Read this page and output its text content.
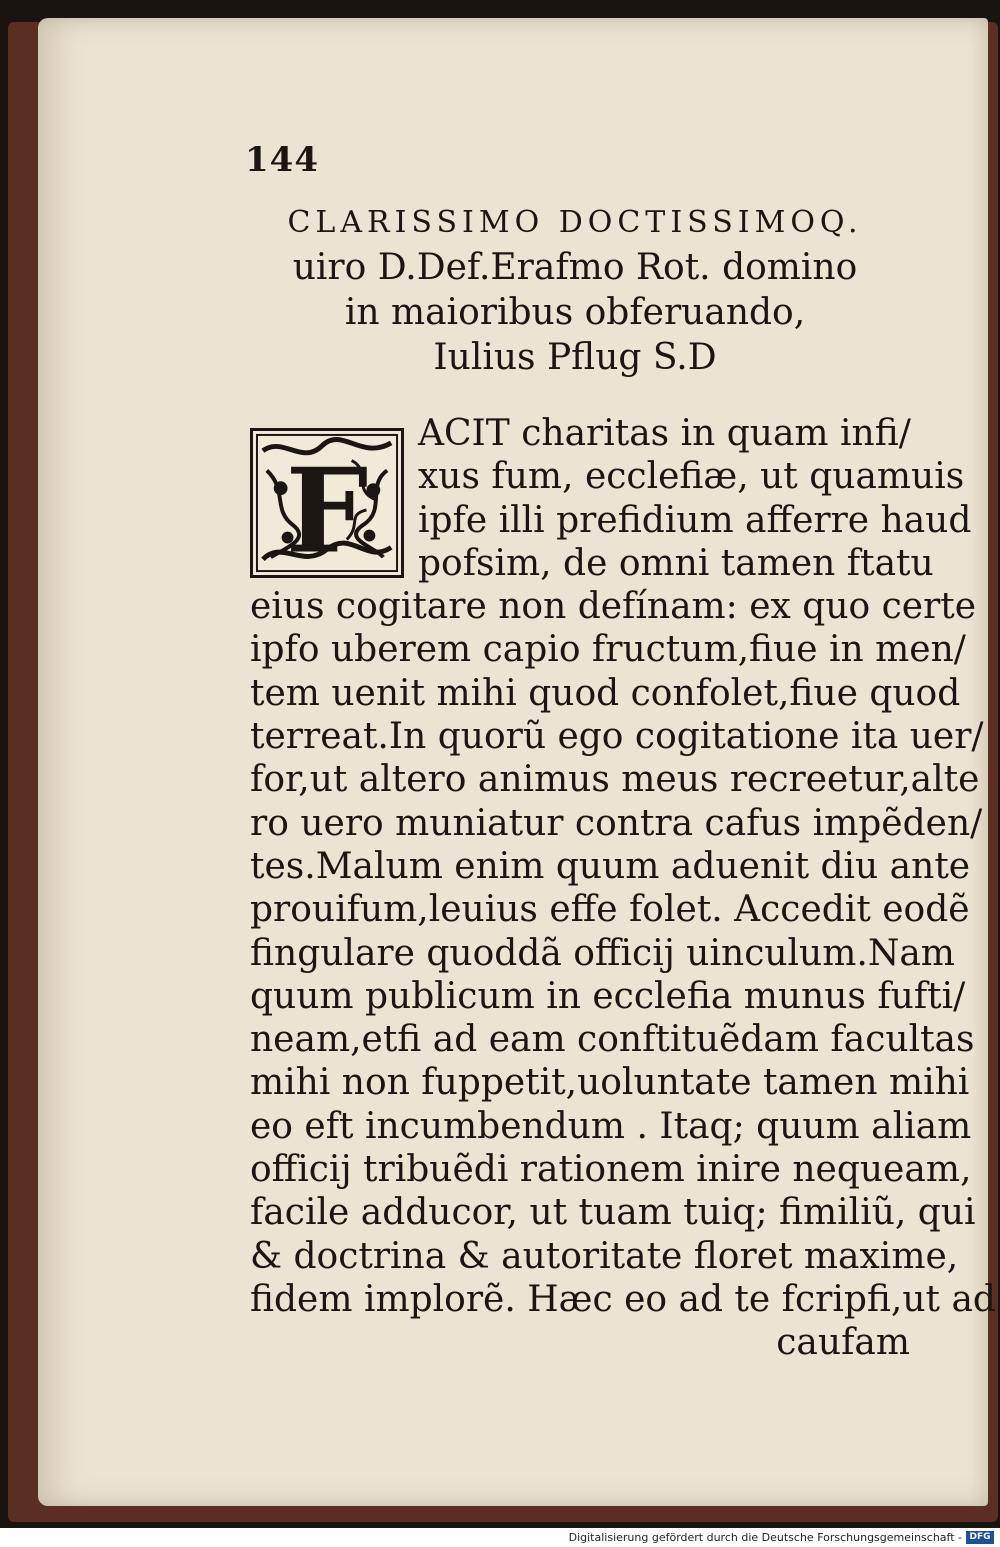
144
CLARISSIMO DOCTISSIMOQ.
uiro D.Def.Erafmo Rot. domino
in maioribus obferuando,
Iulius Pflug S.D
F
ACIT charitas in quam infi/
xus fum, ecclefiæ, ut quamuis
ipfe illi prefidium afferre haud
pofsim, de omni tamen ftatu
eius cogitare non defínam: ex quo certe
ipfo uberem capio fructum,fiue in men/
tem uenit mihi quod confolet,fiue quod
terreat.In quorũ ego cogitatione ita uer/
for,ut altero animus meus recreetur,alte
ro uero muniatur contra cafus impẽden/
tes.Malum enim quum aduenit diu ante
prouifum,leuius effe folet. Accedit eodẽ
fingulare quoddã officij uinculum.Nam
quum publicum in ecclefia munus fufti/
neam,etfi ad eam conftituẽdam facultas
mihi non fuppetit,uoluntate tamen mihi
eo eft incumbendum . Itaq; quum aliam
officij tribuẽdi rationem inire nequeam,
facile adducor, ut tuam tuiq; fimiliũ, qui
& doctrina & autoritate floret maxime,
fidem implorẽ. Hæc eo ad te fcripfi,ut ad
caufam
Digitalisierung gefördert durch die Deutsche Forschungsgemeinschaft - DFG
